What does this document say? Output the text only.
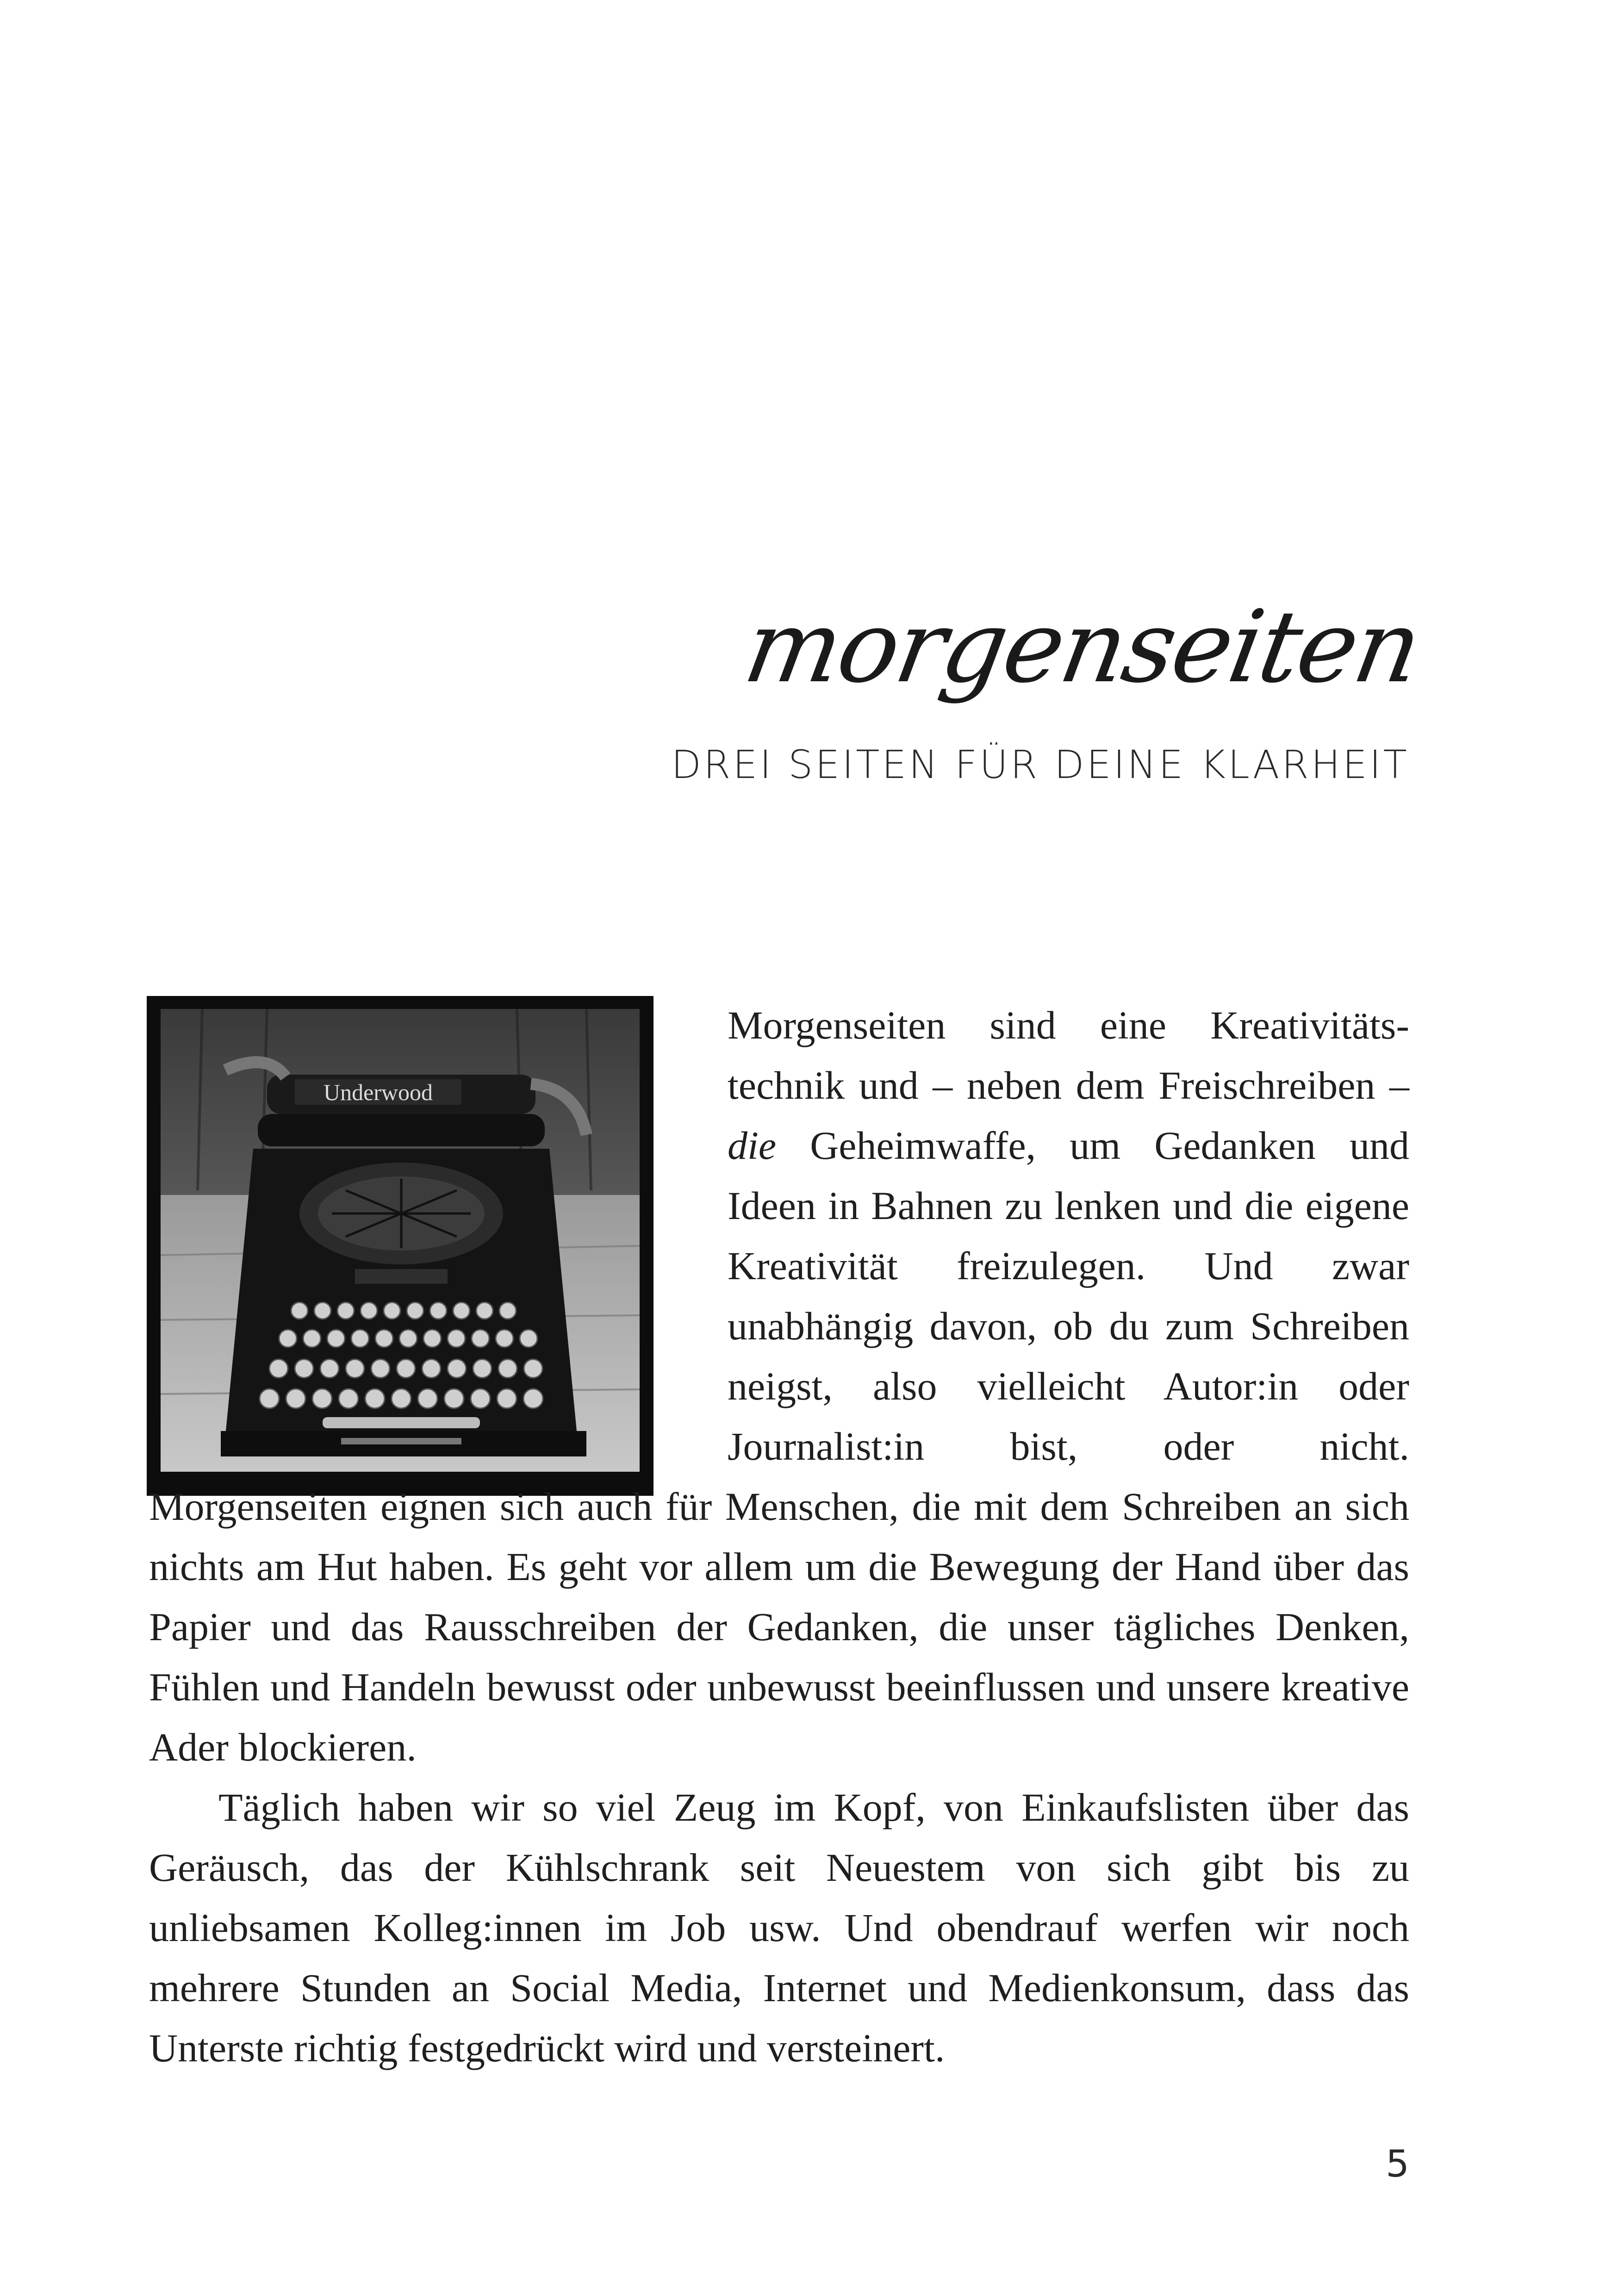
morgenseiten
DREI SEITEN FÜR DEINE KLARHEIT
Underwood

Morgenseiten sind eine Kreativitätstechnik und – neben dem Freischreiben – die Geheimwaffe, um Gedanken und Ideen in Bahnen zu lenken und die eigene Kreativität freizulegen. Und zwar unabhängig davon, ob du zum Schreiben neigst, also vielleicht Autor:in oder Journalist:in bist, oder nicht. Morgenseiten eignen sich auch für Menschen, die mit dem Schreiben an sich nichts am Hut haben. Es geht vor allem um die Bewegung der Hand über das Papier und das Rausschreiben der Gedanken, die unser tägliches Denken, Fühlen und Handeln bewusst oder unbewusst beeinflussen und unsere kreative Ader blockieren.

Täglich haben wir so viel Zeug im Kopf, von Einkaufslisten über das Geräusch, das der Kühlschrank seit Neuestem von sich gibt bis zu unliebsamen Kolleg:innen im Job usw. Und obendrauf werfen wir noch mehrere Stunden an Social Media, Internet und Medienkonsum, dass das Unterste richtig festgedrückt wird und versteinert.

5
